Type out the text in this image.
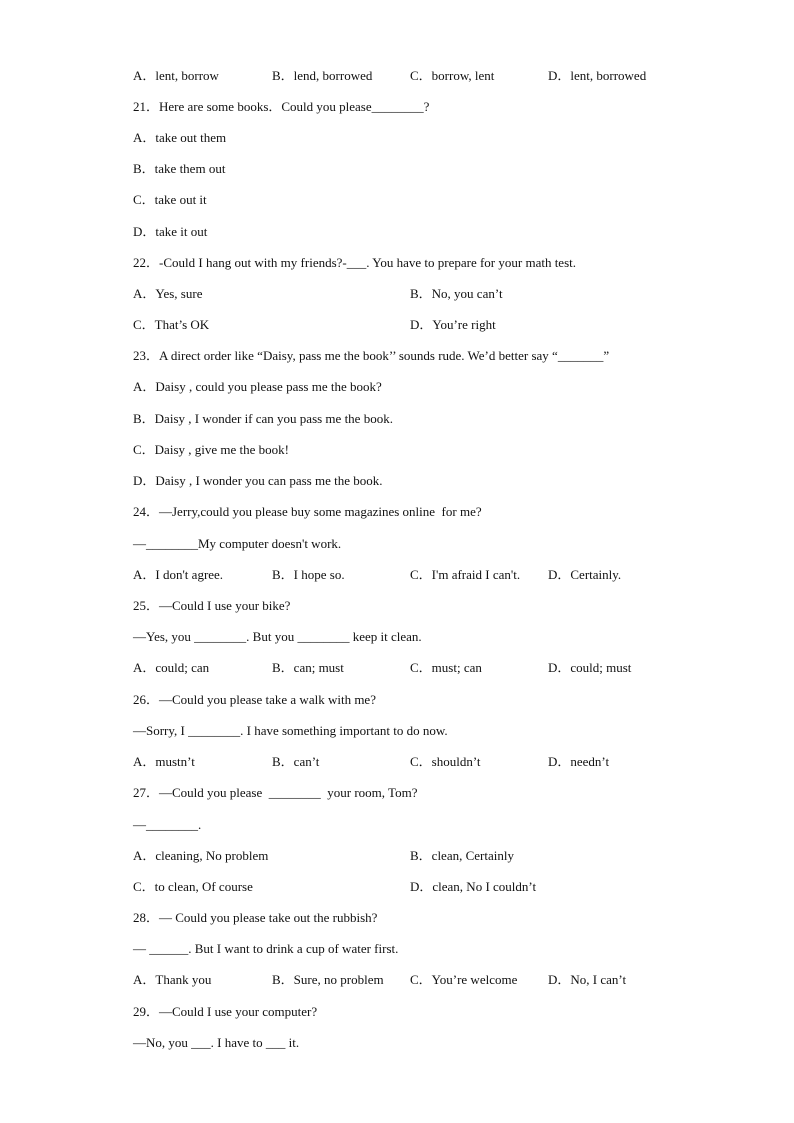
A．lent, borrow	B．lend, borrowed	C．borrow, lent	D．lent, borrowed
21．Here are some books．Could you please________?
A．take out them
B．take them out
C．take out it
D．take it out
22．-Could I hang out with my friends?-___. You have to prepare for your math test.
A．Yes, sure	B．No, you can’t
C．That’s OK	D．You’re right
23．A direct order like “Daisy, pass me the book’’ sounds rude. We’d better say “_______”
A．Daisy , could you please pass me the book?
B．Daisy , I wonder if can you pass me the book.
C．Daisy , give me the book!
D．Daisy , I wonder you can pass me the book.
24．—Jerry,could you please buy some magazines online  for me?
—________My computer doesn't work.
A．I don't agree.	B．I hope so.	C．I'm afraid I can't. D．Certainly.
25．—Could I use your bike?
—Yes, you ________. But you ________ keep it clean.
A．could; can	B．can; must	C．must; can	D．could; must
26．—Could you please take a walk with me?
—Sorry, I ________. I have something important to do now.
A．mustn’t	B．can’t	C．shouldn’t	D．needn’t
27．—Could you please  ________  your room, Tom?
—________.
A．cleaning, No problem	B．clean, Certainly
C．to clean, Of course	D．clean, No I couldn’t
28．— Could you please take out the rubbish?
— ______. But I want to drink a cup of water first.
A．Thank you	B．Sure, no problem C．You’re welcome D．No, I can’t
29．—Could I use your computer?
—No, you ___. I have to ___ it.
